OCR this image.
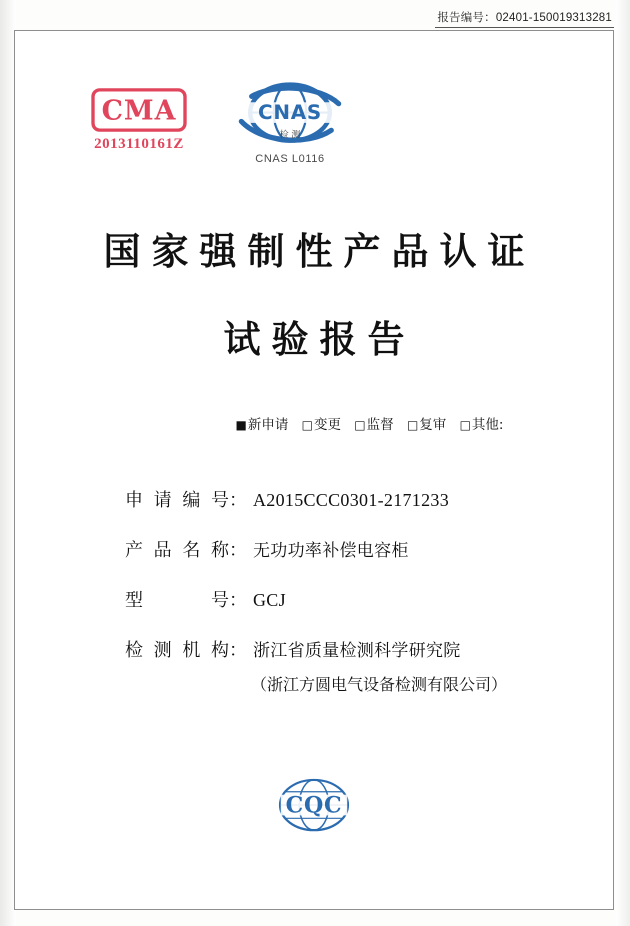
报告编号：02401-150019313281
CMA
2013110161Z
CNAS
检 测
CNAS L0116
国家强制性产品认证
试验报告
■新申请 □变更 □监督 □复审 □其他:
申请编号 ： A2015CCC0301-2171233
产品名称 ： 无功功率补偿电容柜
型　　号 ： GCJ
检测机构 ： 浙江省质量检测科学研究院
（浙江方圆电气设备检测有限公司）
CQC
